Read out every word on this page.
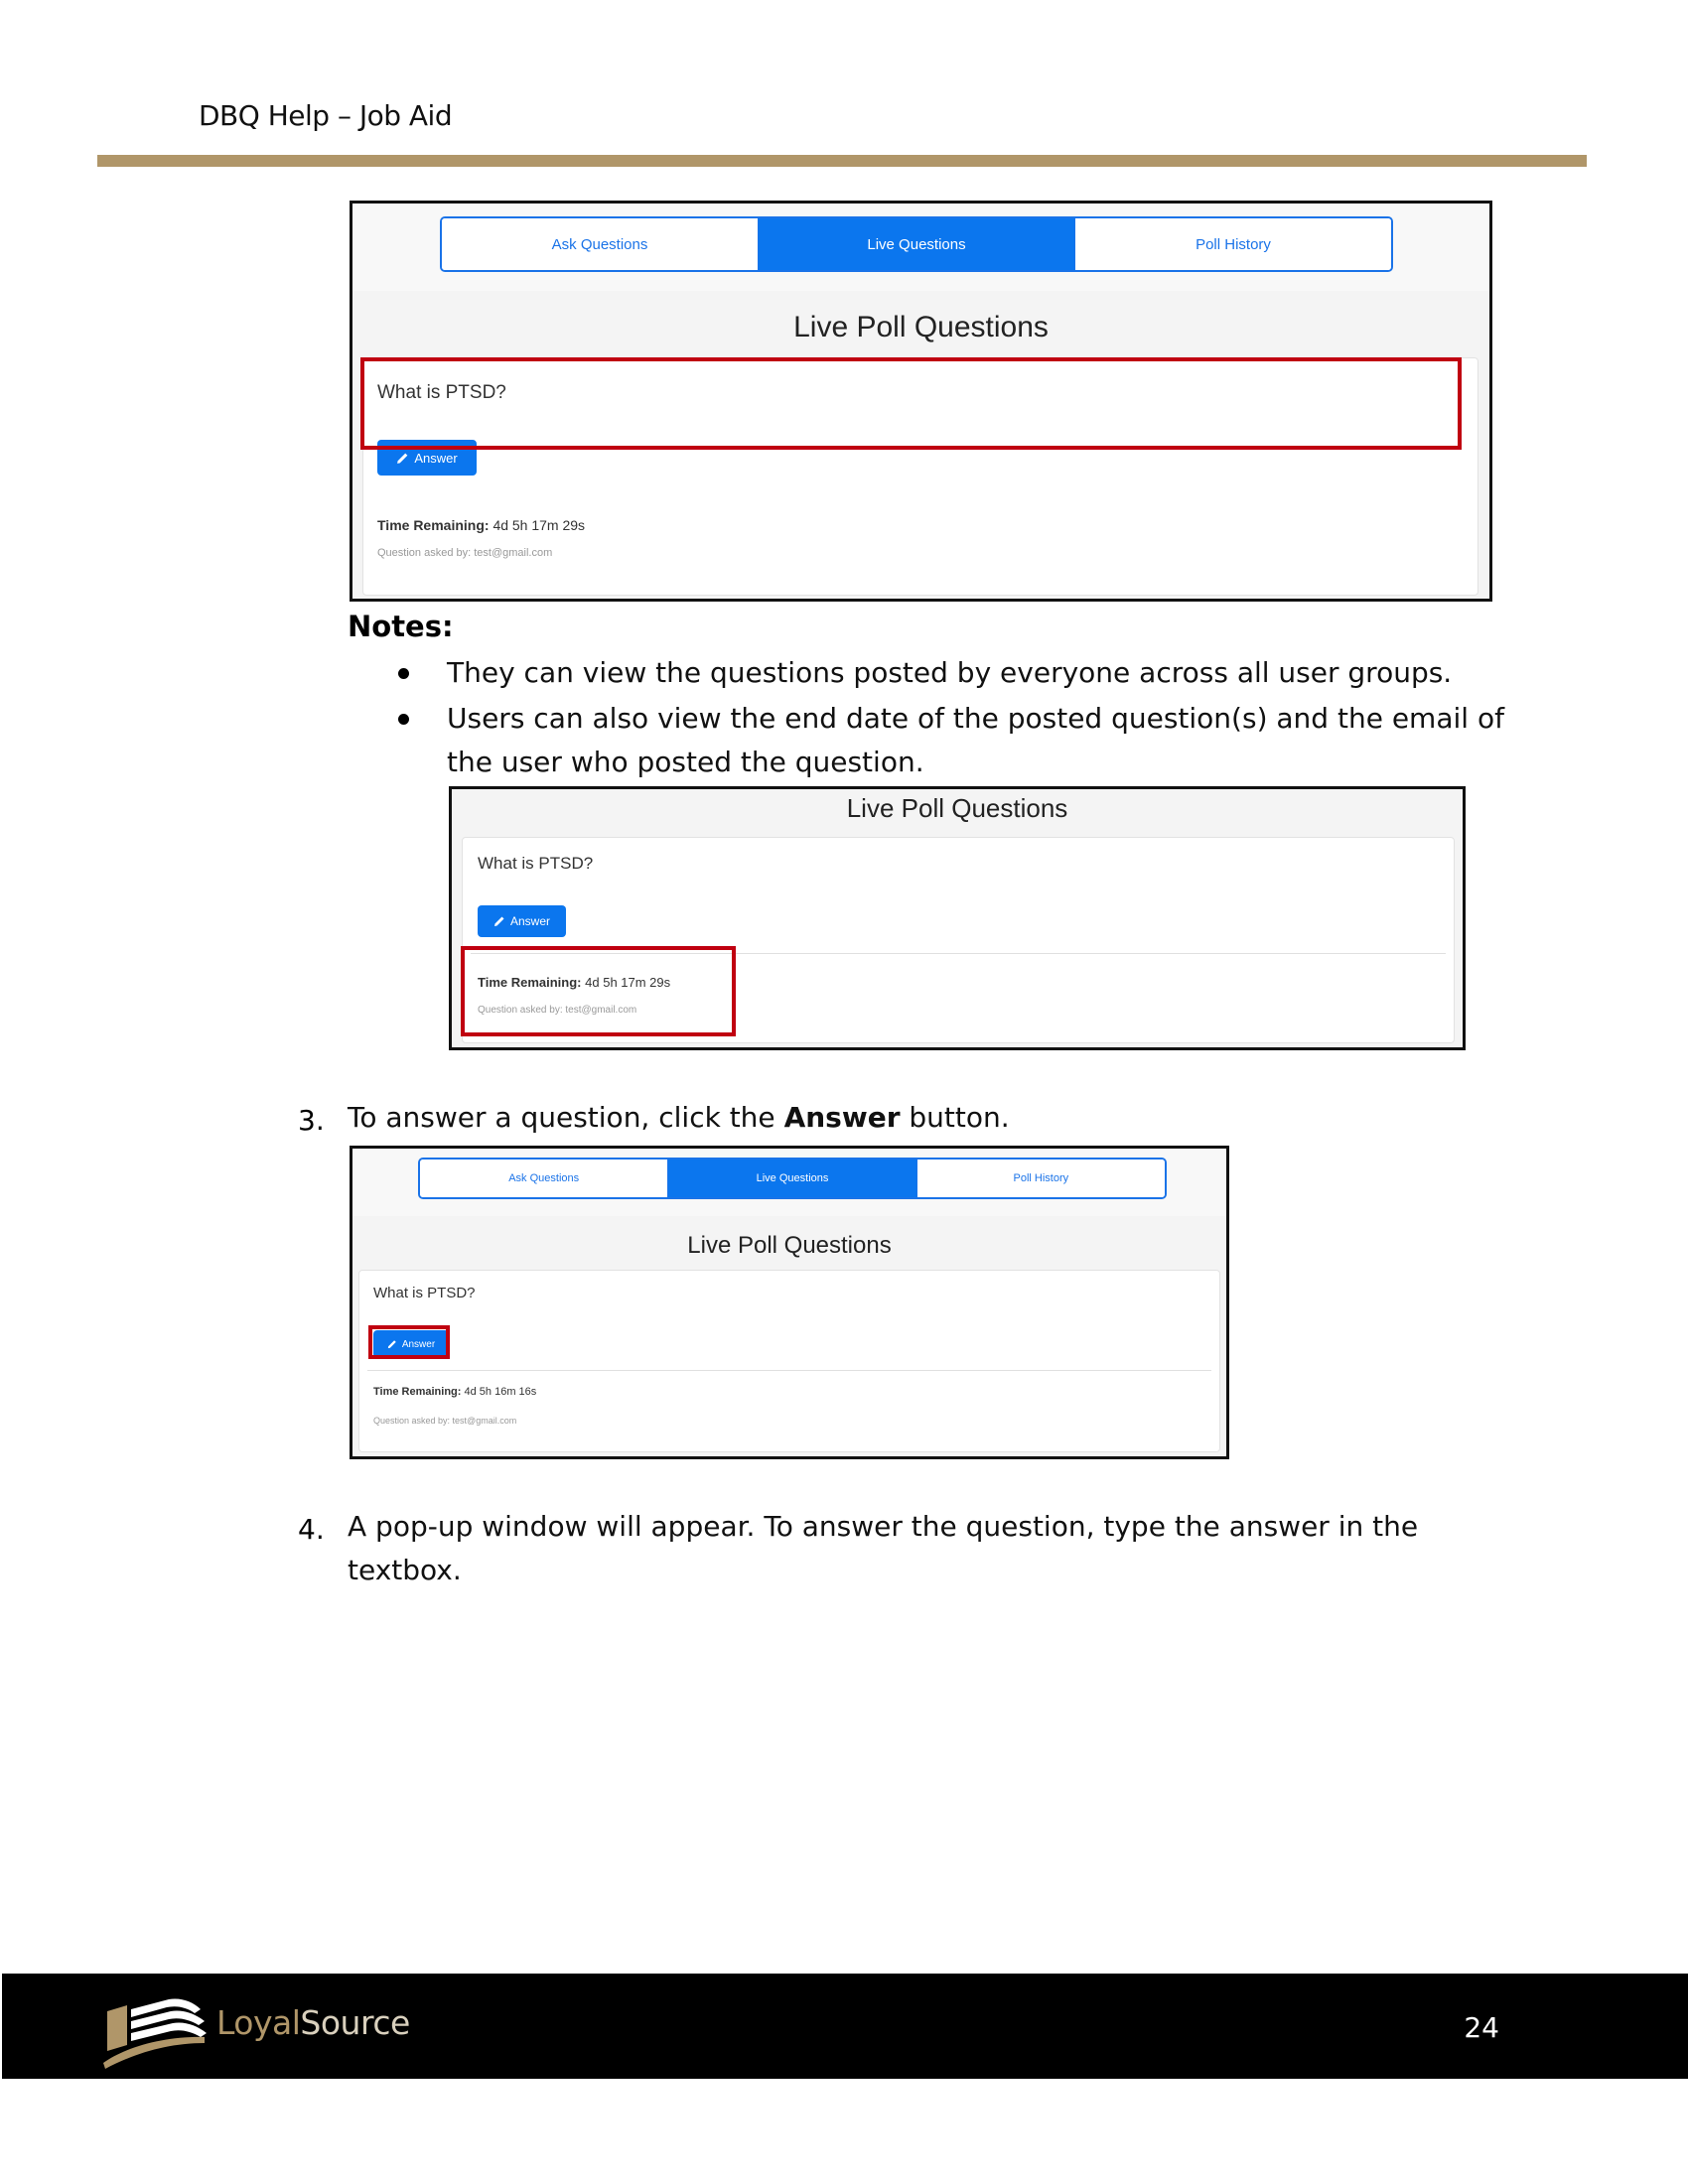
DBQ Help – Job Aid
Ask Questions	Live Questions	Poll History
Live Poll Questions
What is PTSD?
Answer
Time Remaining: 4d 5h 17m 29s
Question asked by: test@gmail.com
Notes:
They can view the questions posted by everyone across all user groups.
Users can also view the end date of the posted question(s) and the email of
the user who posted the question.
Live Poll Questions
What is PTSD?
Answer
Time Remaining: 4d 5h 17m 29s
Question asked by: test@gmail.com
3. To answer a question, click the Answer button.
Ask Questions	Live Questions	Poll History
Live Poll Questions
What is PTSD?
Answer
Time Remaining: 4d 5h 16m 16s
Question asked by: test@gmail.com
4. A pop-up window will appear. To answer the question, type the answer in the
textbox.
LoyalSource	24
